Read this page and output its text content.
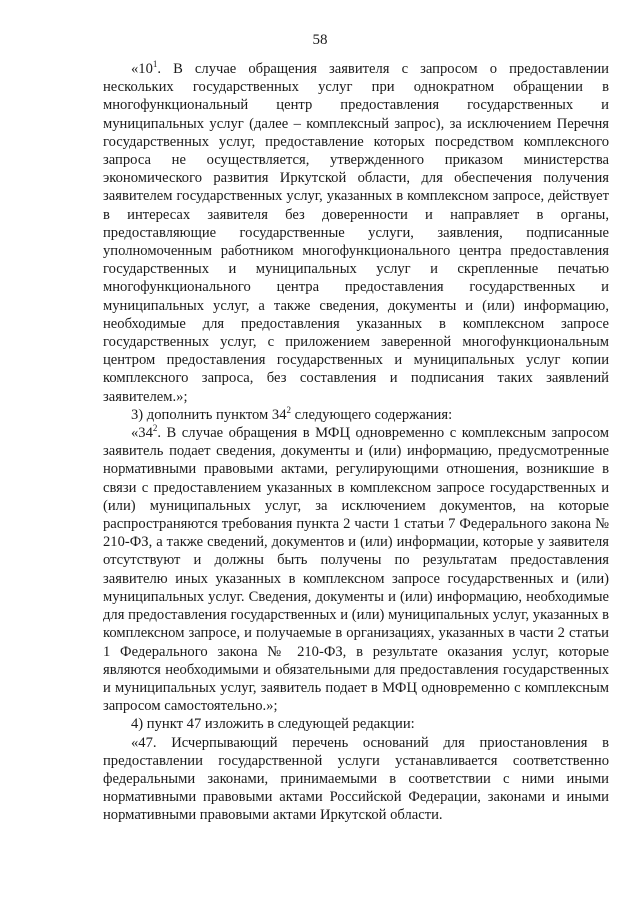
58

«$10^1$. В случае обращения заявителя с запросом о предоставлении нескольких государственных услуг при однократном обращении в многофункциональный центр предоставления государственных и муниципальных услуг (далее – комплексный запрос), за исключением Перечня государственных услуг, предоставление которых посредством комплексного запроса не осуществляется, утвержденного приказом министерства экономического развития Иркутской области, для обеспечения получения заявителем государственных услуг, указанных в комплексном запросе, действует в интересах заявителя без доверенности и направляет в органы, предоставляющие государственные услуги, заявления, подписанные уполномоченным работником многофункционального центра предоставления государственных и муниципальных услуг и скрепленные печатью многофункционального центра предоставления государственных и муниципальных услуг, а также сведения, документы и (или) информацию, необходимые для предоставления указанных в комплексном запросе государственных услуг, с приложением заверенной многофункциональным центром предоставления государственных и муниципальных услуг копии комплексного запроса, без составления и подписания таких заявлений заявителем.»;

3) дополнить пунктом $34^2$ следующего содержания:

«$34^2$. В случае обращения в МФЦ одновременно с комплексным запросом заявитель подает сведения, документы и (или) информацию, предусмотренные нормативными правовыми актами, регулирующими отношения, возникшие в связи с предоставлением указанных в комплексном запросе государственных и (или) муниципальных услуг, за исключением документов, на которые распространяются требования пункта 2 части 1 статьи 7 Федерального закона № 210-ФЗ, а также сведений, документов и (или) информации, которые у заявителя отсутствуют и должны быть получены по результатам предоставления заявителю иных указанных в комплексном запросе государственных и (или) муниципальных услуг. Сведения, документы и (или) информацию, необходимые для предоставления государственных и (или) муниципальных услуг, указанных в комплексном запросе, и получаемые в организациях, указанных в части 2 статьи 1 Федерального закона № 210-ФЗ, в результате оказания услуг, которые являются необходимыми и обязательными для предоставления государственных и муниципальных услуг, заявитель подает в МФЦ одновременно с комплексным запросом самостоятельно.»;

4) пункт 47 изложить в следующей редакции:

«47. Исчерпывающий перечень оснований для приостановления в предоставлении государственной услуги устанавливается соответственно федеральными законами, принимаемыми в соответствии с ними иными нормативными правовыми актами Российской Федерации, законами и иными нормативными правовыми актами Иркутской области.
